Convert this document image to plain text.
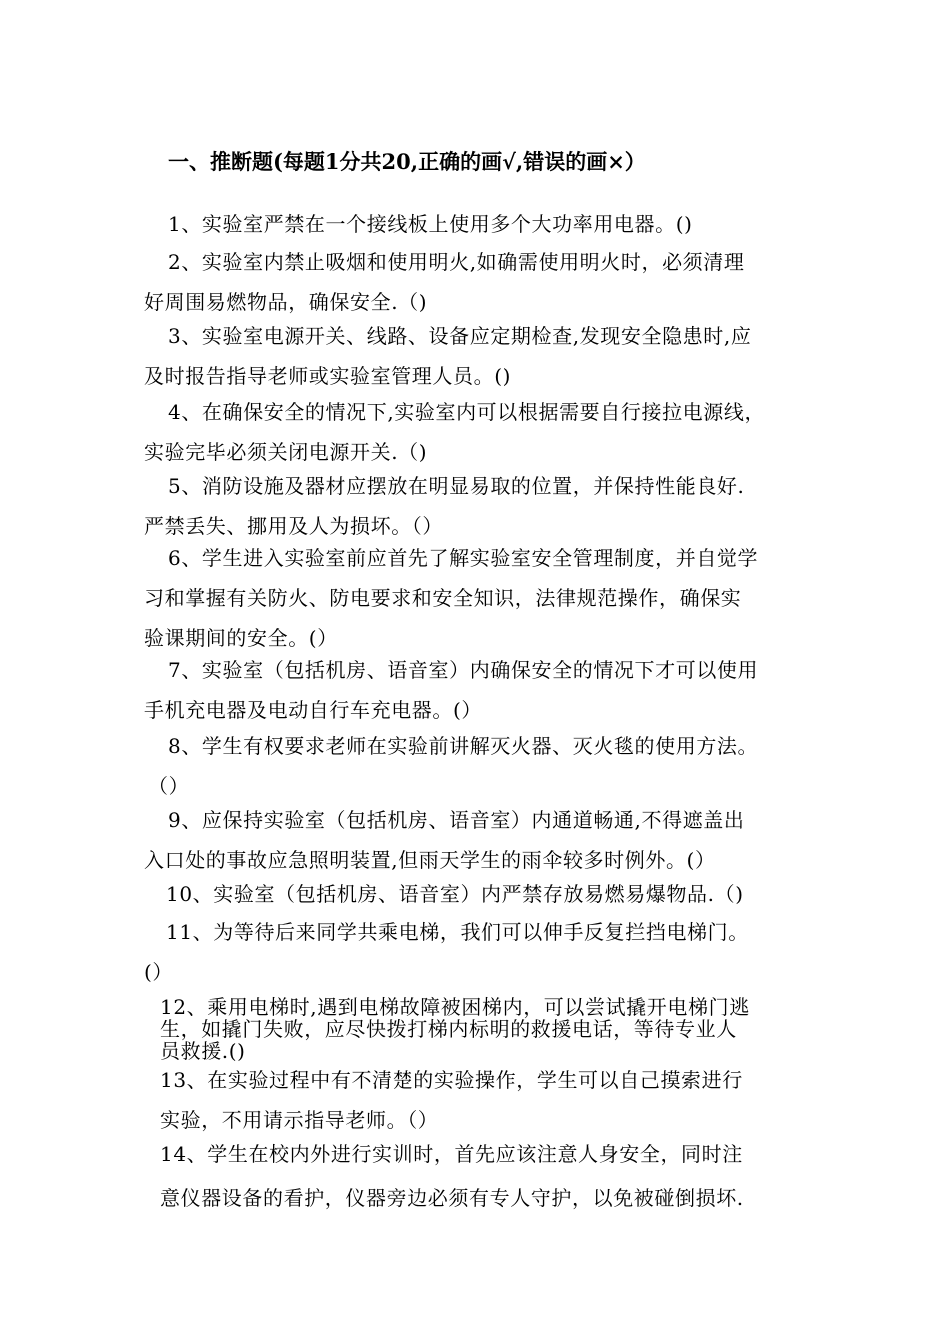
一、推断题(每题1分共20,正确的画√,错误的画×）
1、实验室严禁在一个接线板上使用多个大功率用电器。()
2、实验室内禁止吸烟和使用明火,如确需使用明火时，必须清理
好周围易燃物品，确保安全.（)
3、实验室电源开关、线路、设备应定期检查,发现安全隐患时,应
及时报告指导老师或实验室管理人员。()
4、在确保安全的情况下,实验室内可以根据需要自行接拉电源线，
实验完毕必须关闭电源开关.（)
5、消防设施及器材应摆放在明显易取的位置，并保持性能良好.
严禁丢失、挪用及人为损坏。（）
6、学生进入实验室前应首先了解实验室安全管理制度，并自觉学
习和掌握有关防火、防电要求和安全知识，法律规范操作，确保实
验课期间的安全。(）
7、实验室（包括机房、语音室）内确保安全的情况下才可以使用
手机充电器及电动自行车充电器。(）
8、学生有权要求老师在实验前讲解灭火器、灭火毯的使用方法。
（）
9、应保持实验室（包括机房、语音室）内通道畅通,不得遮盖出
入口处的事故应急照明装置,但雨天学生的雨伞较多时例外。(）
10、实验室（包括机房、语音室）内严禁存放易燃易爆物品.（)
11、为等待后来同学共乘电梯，我们可以伸手反复拦挡电梯门。
(）
12、乘用电梯时,遇到电梯故障被困梯内，可以尝试撬开电梯门逃
生，如撬门失败，应尽快拨打梯内标明的救援电话，等待专业人
员救援.()
13、在实验过程中有不清楚的实验操作，学生可以自己摸索进行
实验，不用请示指导老师。（）
14、学生在校内外进行实训时，首先应该注意人身安全，同时注
意仪器设备的看护，仪器旁边必须有专人守护，以免被碰倒损坏.
